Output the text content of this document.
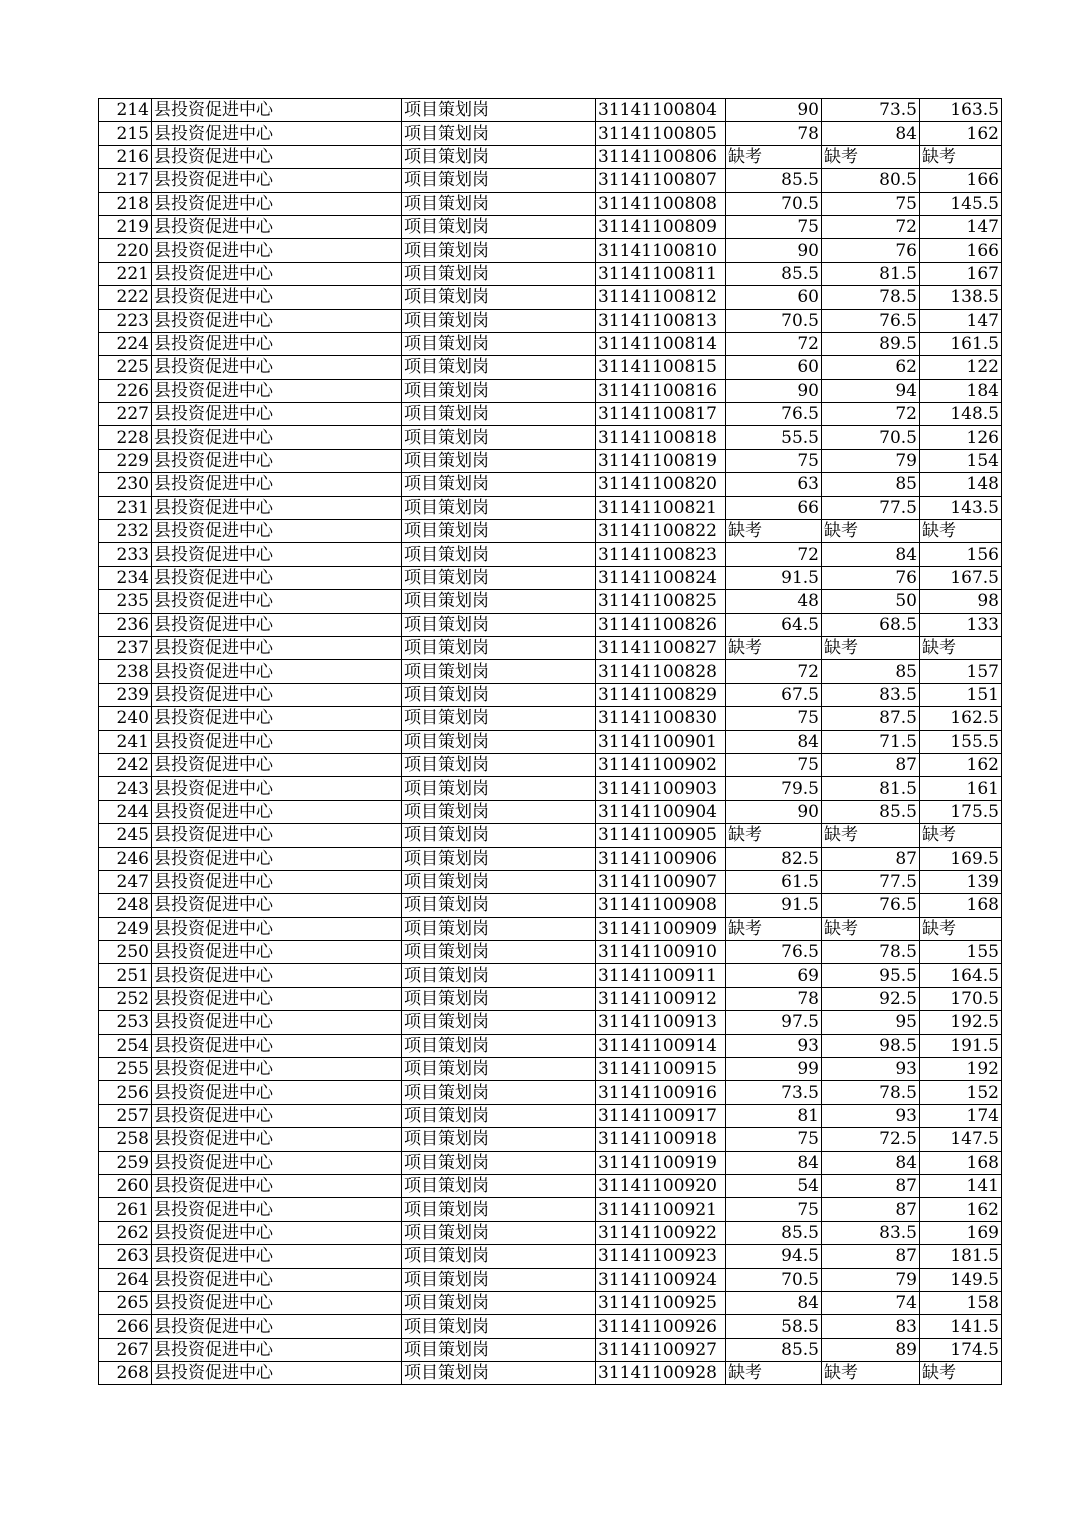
214	县投资促进中心	项目策划岗	31141100804	90	73.5	163.5
215	县投资促进中心	项目策划岗	31141100805	78	84	162
216	县投资促进中心	项目策划岗	31141100806	缺考	缺考	缺考
217	县投资促进中心	项目策划岗	31141100807	85.5	80.5	166
218	县投资促进中心	项目策划岗	31141100808	70.5	75	145.5
219	县投资促进中心	项目策划岗	31141100809	75	72	147
220	县投资促进中心	项目策划岗	31141100810	90	76	166
221	县投资促进中心	项目策划岗	31141100811	85.5	81.5	167
222	县投资促进中心	项目策划岗	31141100812	60	78.5	138.5
223	县投资促进中心	项目策划岗	31141100813	70.5	76.5	147
224	县投资促进中心	项目策划岗	31141100814	72	89.5	161.5
225	县投资促进中心	项目策划岗	31141100815	60	62	122
226	县投资促进中心	项目策划岗	31141100816	90	94	184
227	县投资促进中心	项目策划岗	31141100817	76.5	72	148.5
228	县投资促进中心	项目策划岗	31141100818	55.5	70.5	126
229	县投资促进中心	项目策划岗	31141100819	75	79	154
230	县投资促进中心	项目策划岗	31141100820	63	85	148
231	县投资促进中心	项目策划岗	31141100821	66	77.5	143.5
232	县投资促进中心	项目策划岗	31141100822	缺考	缺考	缺考
233	县投资促进中心	项目策划岗	31141100823	72	84	156
234	县投资促进中心	项目策划岗	31141100824	91.5	76	167.5
235	县投资促进中心	项目策划岗	31141100825	48	50	98
236	县投资促进中心	项目策划岗	31141100826	64.5	68.5	133
237	县投资促进中心	项目策划岗	31141100827	缺考	缺考	缺考
238	县投资促进中心	项目策划岗	31141100828	72	85	157
239	县投资促进中心	项目策划岗	31141100829	67.5	83.5	151
240	县投资促进中心	项目策划岗	31141100830	75	87.5	162.5
241	县投资促进中心	项目策划岗	31141100901	84	71.5	155.5
242	县投资促进中心	项目策划岗	31141100902	75	87	162
243	县投资促进中心	项目策划岗	31141100903	79.5	81.5	161
244	县投资促进中心	项目策划岗	31141100904	90	85.5	175.5
245	县投资促进中心	项目策划岗	31141100905	缺考	缺考	缺考
246	县投资促进中心	项目策划岗	31141100906	82.5	87	169.5
247	县投资促进中心	项目策划岗	31141100907	61.5	77.5	139
248	县投资促进中心	项目策划岗	31141100908	91.5	76.5	168
249	县投资促进中心	项目策划岗	31141100909	缺考	缺考	缺考
250	县投资促进中心	项目策划岗	31141100910	76.5	78.5	155
251	县投资促进中心	项目策划岗	31141100911	69	95.5	164.5
252	县投资促进中心	项目策划岗	31141100912	78	92.5	170.5
253	县投资促进中心	项目策划岗	31141100913	97.5	95	192.5
254	县投资促进中心	项目策划岗	31141100914	93	98.5	191.5
255	县投资促进中心	项目策划岗	31141100915	99	93	192
256	县投资促进中心	项目策划岗	31141100916	73.5	78.5	152
257	县投资促进中心	项目策划岗	31141100917	81	93	174
258	县投资促进中心	项目策划岗	31141100918	75	72.5	147.5
259	县投资促进中心	项目策划岗	31141100919	84	84	168
260	县投资促进中心	项目策划岗	31141100920	54	87	141
261	县投资促进中心	项目策划岗	31141100921	75	87	162
262	县投资促进中心	项目策划岗	31141100922	85.5	83.5	169
263	县投资促进中心	项目策划岗	31141100923	94.5	87	181.5
264	县投资促进中心	项目策划岗	31141100924	70.5	79	149.5
265	县投资促进中心	项目策划岗	31141100925	84	74	158
266	县投资促进中心	项目策划岗	31141100926	58.5	83	141.5
267	县投资促进中心	项目策划岗	31141100927	85.5	89	174.5
268	县投资促进中心	项目策划岗	31141100928	缺考	缺考	缺考
